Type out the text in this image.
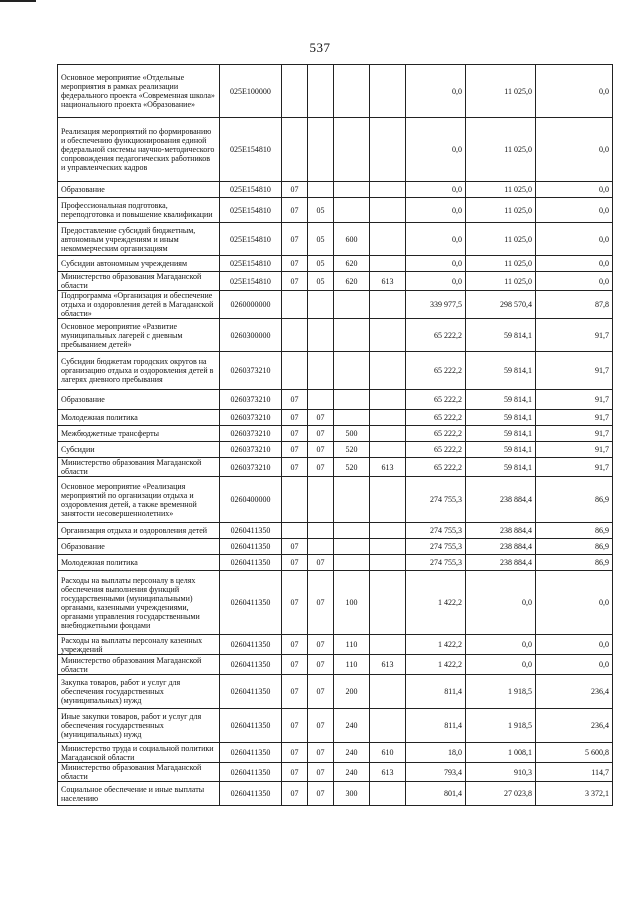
537
Основное мероприятие «Отдельные мероприятия в рамках реализации федерального проекта «Современная школа» национального проекта «Образование»	025Е100000					0,0	11 025,0	0,0
Реализация мероприятий по формированию и обеспечению функционирования единой федеральной системы научно-методического сопровождения педагогических работников и управленческих кадров	025Е154810					0,0	11 025,0	0,0
Образование	025Е154810	07				0,0	11 025,0	0,0
Профессиональная подготовка, переподготовка и повышение квалификации	025Е154810	07	05			0,0	11 025,0	0,0
Предоставление субсидий бюджетным, автономным учреждениям и иным некоммерческим организациям	025Е154810	07	05	600		0,0	11 025,0	0,0
Субсидии автономным учреждениям	025Е154810	07	05	620		0,0	11 025,0	0,0
Министерство образования Магаданской области	025Е154810	07	05	620	613	0,0	11 025,0	0,0
Подпрограмма «Организация и обеспечение отдыха и оздоровления детей в Магаданской области»	0260000000					339 977,5	298 570,4	87,8
Основное мероприятие «Развитие муниципальных лагерей с дневным пребыванием детей»	0260300000					65 222,2	59 814,1	91,7
Субсидии бюджетам городских округов на организацию отдыха и оздоровления детей в лагерях дневного пребывания	0260373210					65 222,2	59 814,1	91,7
Образование	0260373210	07				65 222,2	59 814,1	91,7
Молодежная политика	0260373210	07	07			65 222,2	59 814,1	91,7
Межбюджетные трансферты	0260373210	07	07	500		65 222,2	59 814,1	91,7
Субсидии	0260373210	07	07	520		65 222,2	59 814,1	91,7
Министерство образования Магаданской области	0260373210	07	07	520	613	65 222,2	59 814,1	91,7
Основное мероприятие «Реализация мероприятий по организации отдыха и оздоровления детей, а также временной занятости несовершеннолетних»	0260400000					274 755,3	238 884,4	86,9
Организация отдыха и оздоровления детей	0260411350					274 755,3	238 884,4	86,9
Образование	0260411350	07				274 755,3	238 884,4	86,9
Молодежная политика	0260411350	07	07			274 755,3	238 884,4	86,9
Расходы на выплаты персоналу в целях обеспечения выполнения функций государственными (муниципальными) органами, казенными учреждениями, органами управления государственными внебюджетными фондами	0260411350	07	07	100		1 422,2	0,0	0,0
Расходы на выплаты персоналу казенных учреждений	0260411350	07	07	110		1 422,2	0,0	0,0
Министерство образования Магаданской области	0260411350	07	07	110	613	1 422,2	0,0	0,0
Закупка товаров, работ и услуг для обеспечения государственных (муниципальных) нужд	0260411350	07	07	200		811,4	1 918,5	236,4
Иные закупки товаров, работ и услуг для обеспечения государственных (муниципальных) нужд	0260411350	07	07	240		811,4	1 918,5	236,4
Министерство труда и социальной политики Магаданской области	0260411350	07	07	240	610	18,0	1 008,1	5 600,8
Министерство образования Магаданской области	0260411350	07	07	240	613	793,4	910,3	114,7
Социальное обеспечение и иные выплаты населению	0260411350	07	07	300		801,4	27 023,8	3 372,1
